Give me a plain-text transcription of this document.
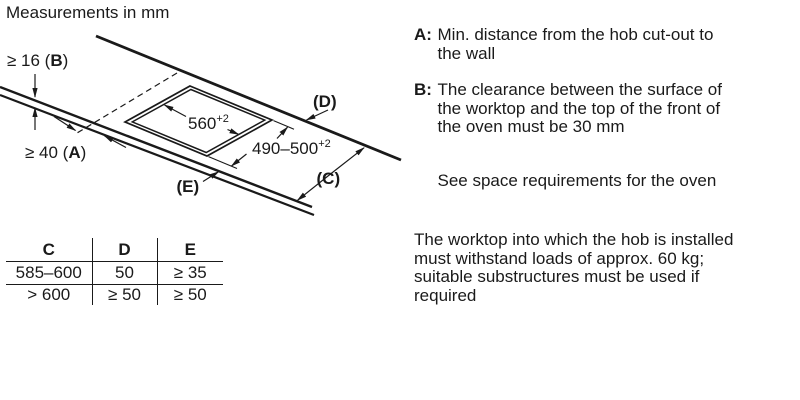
Measurements in mm
≥ 16 (B)
≥ 40 (A)
$560^{+2}$
$490-500^{+2}$
(D)
(C)
(E)
C	D	E
585–600	50	≥ 35
> 600	≥ 50	≥ 50
A: Min. distance from the hob cut-out to
the wall
B: The clearance between the surface of
the worktop and the top of the front of
the oven must be 30 mm
See space requirements for the oven
The worktop into which the hob is installed
must withstand loads of approx. 60 kg;
suitable substructures must be used if
required
